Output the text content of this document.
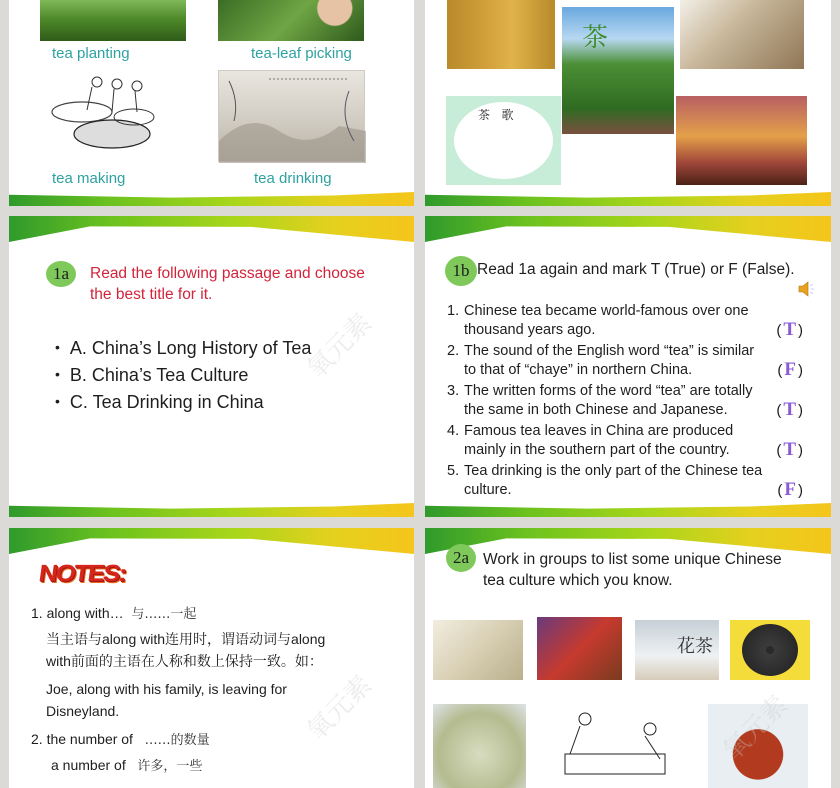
tea planting	tea-leaf picking
tea making	tea drinking
茶
茶   歌
1a	Read the following passage and choose
the best title for it.
• A. China’s Long History of Tea
• B. China’s Tea Culture
• C. Tea Drinking in China
氧元素
1b Read 1a again and mark T (True) or F (False).
1. Chinese tea became world-famous over one thousand years ago.	( T )
2. The sound of the English word “tea” is similar to that of “chaye” in northern China.	( F )
3. The written forms of the word “tea” are totally the same in both Chinese and Japanese.	( T )
4. Famous tea leaves in China are produced mainly in the southern part of the country.	( T )
5. Tea drinking is the only part of the Chinese tea culture.	( F )
NOTES:
1. along with… 与……一起
当主语与along with连用时，谓语动词与along
with前面的主语在人称和数上保持一致。如：
Joe, along with his family, is leaving for
Disneyland.
2. the number of ……的数量
a number of 许多，一些
氧元素
2a Work in groups to list some unique Chinese
tea culture which you know.
花茶
氧元素
